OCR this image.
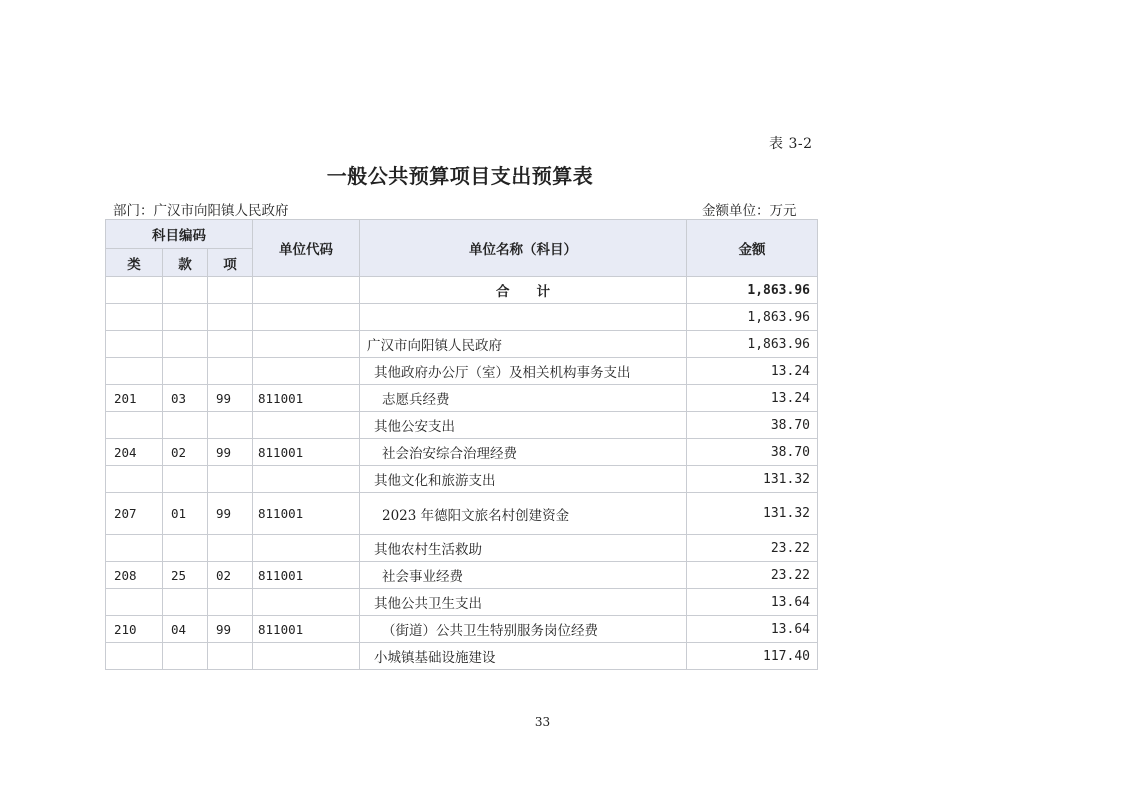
表 3-2
一般公共预算项目支出预算表
部门：广汉市向阳镇人民政府	金额单位：万元
科目编码			单位代码	单位名称（科目）	金额
类	款	项			
				合　　计	1,863.96
					1,863.96
				广汉市向阳镇人民政府	1,863.96
				其他政府办公厅（室）及相关机构事务支出	13.24
201	03	99	811001	志愿兵经费	13.24
				其他公安支出	38.70
204	02	99	811001	社会治安综合治理经费	38.70
				其他文化和旅游支出	131.32
207	01	99	811001	2023 年德阳文旅名村创建资金	131.32
				其他农村生活救助	23.22
208	25	02	811001	社会事业经费	23.22
				其他公共卫生支出	13.64
210	04	99	811001	（街道）公共卫生特别服务岗位经费	13.64
				小城镇基础设施建设	117.40
33
